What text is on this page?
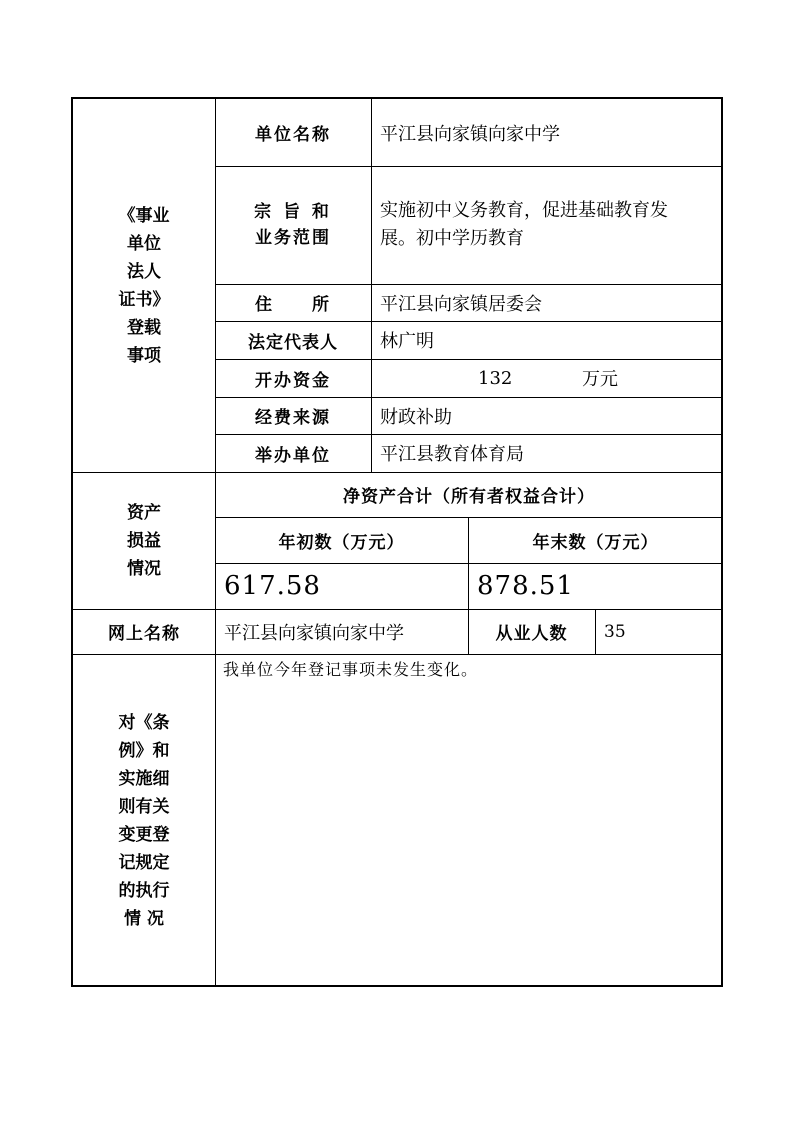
《事业
单位
法人
证书》
登载
事项
单位名称	平江县向家镇向家中学
宗 旨 和
业务范围
实施初中义务教育，促进基础教育发
展。初中学历教育
住　　所	平江县向家镇居委会
法定代表人	林广明
开办资金	132	万元
经费来源	财政补助
举办单位	平江县教育体育局
资产
损益
情况
净资产合计（所有者权益合计）
年初数（万元）	年末数（万元）
617.58	878.51
网上名称	平江县向家镇向家中学	从业人数	35
对《条
例》和
实施细
则有关
变更登
记规定
的执行
情 况
我单位今年登记事项未发生变化。
